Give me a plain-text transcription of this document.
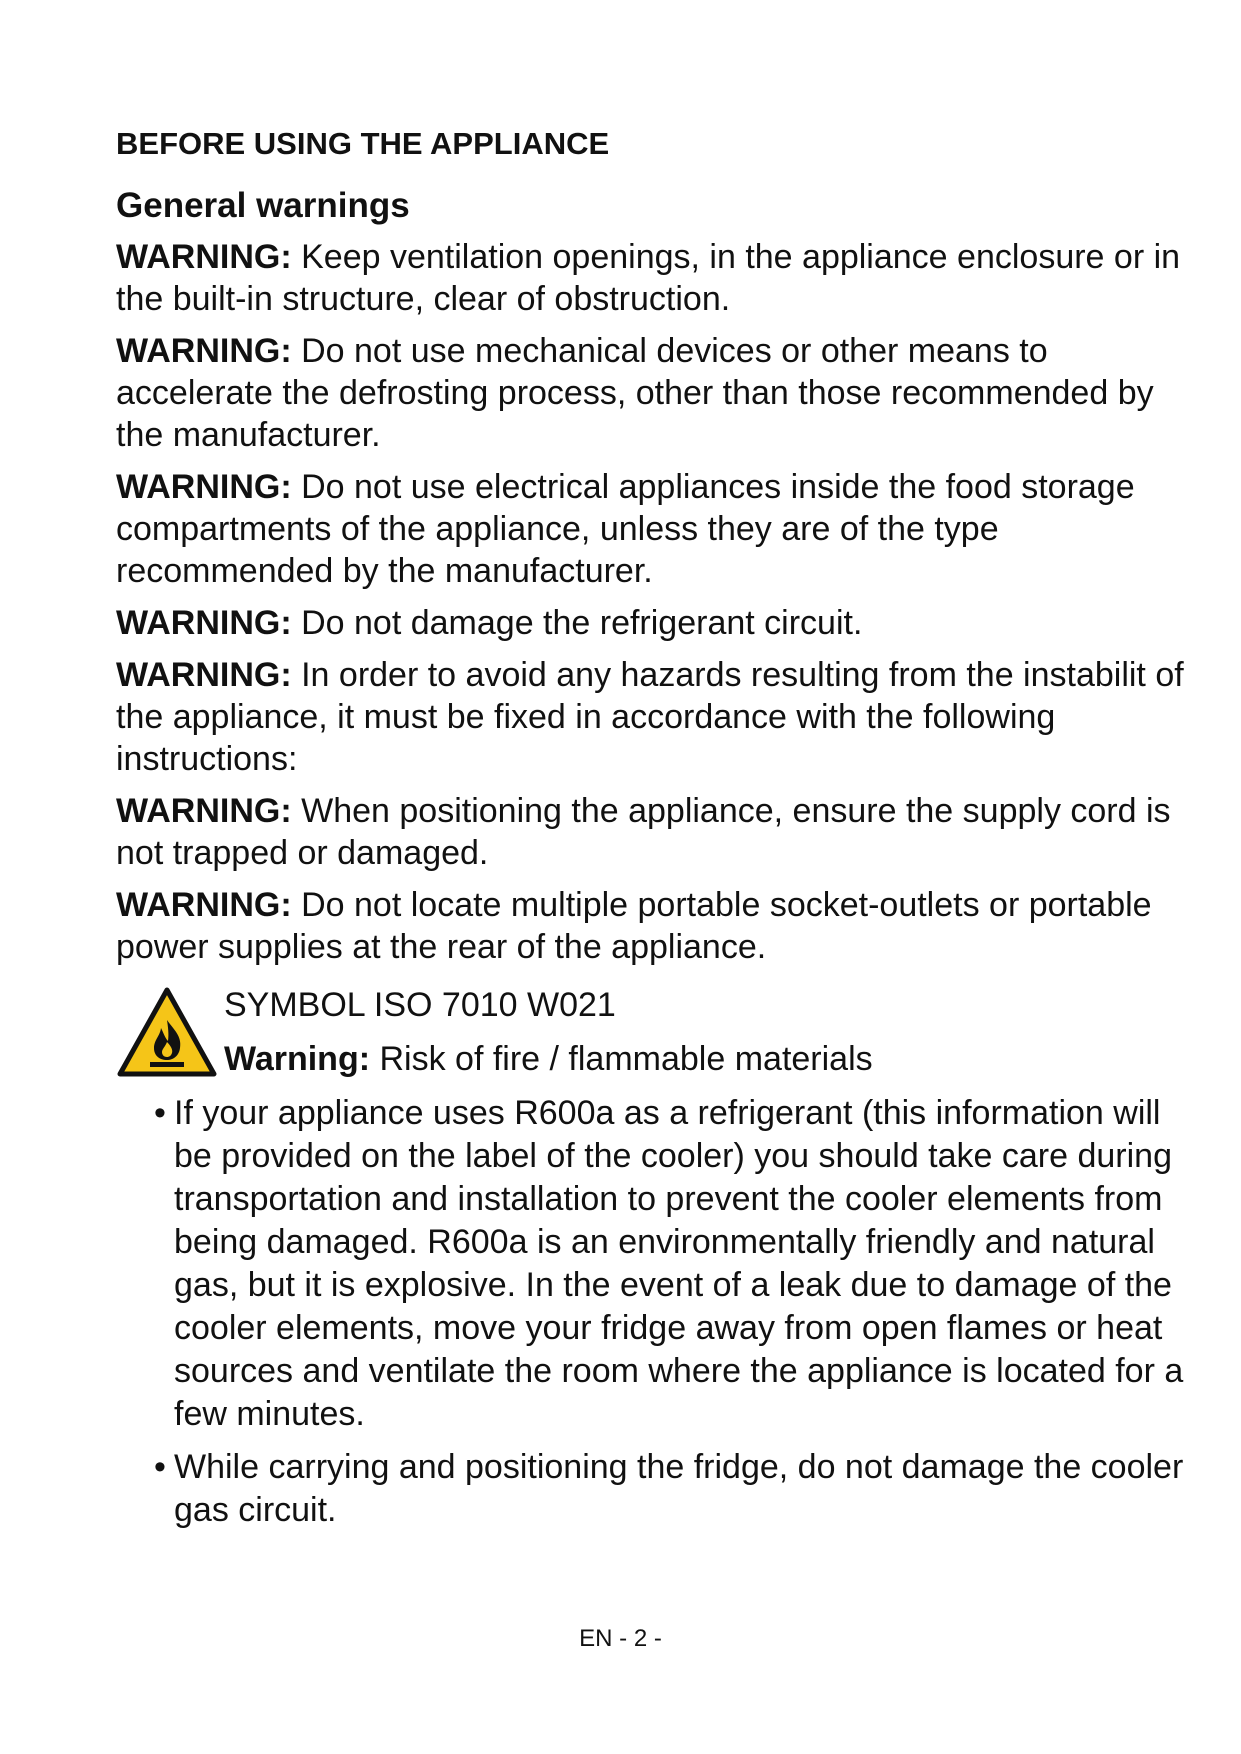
BEFORE USING THE APPLIANCE
General warnings

WARNING: Keep ventilation openings, in the appliance enclosure or in the built-in structure, clear of obstruction.

WARNING: Do not use mechanical devices or other means to accelerate the defrosting process, other than those recommended by the manufacturer.

WARNING: Do not use electrical appliances inside the food storage compartments of the appliance, unless they are of the type recommended by the manufacturer.

WARNING: Do not damage the refrigerant circuit.

WARNING: In order to avoid any hazards resulting from the instabilit of the appliance, it must be fixed in accordance with the following instructions:

WARNING: When positioning the appliance, ensure the supply cord is not trapped or damaged.

WARNING: Do not locate multiple portable socket-outlets or portable power supplies at the rear of the appliance.

SYMBOL ISO 7010 W021
Warning: Risk of fire / flammable materials
• If your appliance uses R600a as a refrigerant (this information will be provided on the label of the cooler) you should take care during transportation and installation to prevent the cooler elements from being damaged. R600a is an environmentally friendly and natural gas, but it is explosive. In the event of a leak due to damage of the cooler elements, move your fridge away from open flames or heat sources and ventilate the room where the appliance is located for a few minutes.
• While carrying and positioning the fridge, do not damage the cooler gas circuit.
EN - 2 -
